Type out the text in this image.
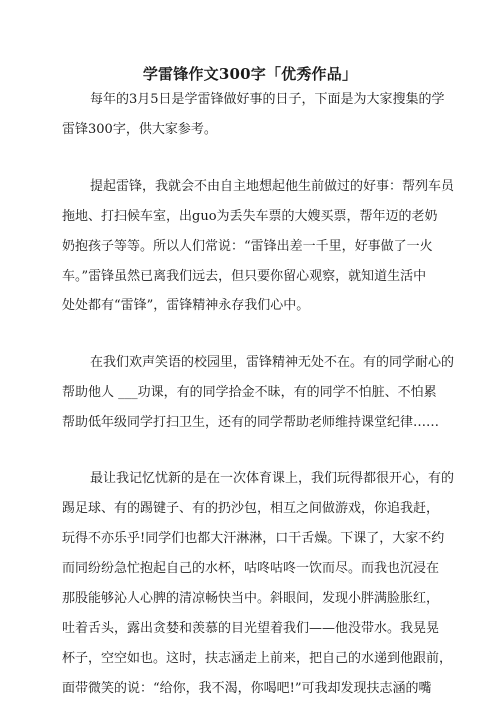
学雷锋作文300字「优秀作品」
每年的3月5日是学雷锋做好事的日子，下面是为大家搜集的学
雷锋300字，供大家参考。
提起雷锋，我就会不由自主地想起他生前做过的好事：帮列车员
拖地、打扫候车室，出guo为丢失车票的大嫂买票，帮年迈的老奶
奶抱孩子等等。所以人们常说：“雷锋出差一千里，好事做了一火
车。”雷锋虽然已离我们远去，但只要你留心观察，就知道生活中
处处都有“雷锋”，雷锋精神永存我们心中。
在我们欢声笑语的校园里，雷锋精神无处不在。有的同学耐心的
帮助他人 ___功课，有的同学拾金不昧，有的同学不怕脏、不怕累
帮助低年级同学打扫卫生，还有的同学帮助老师维持课堂纪律……
最让我记忆忧新的是在一次体育课上，我们玩得都很开心，有的
踢足球、有的踢键子、有的扔沙包，相互之间做游戏，你追我赶，
玩得不亦乐乎!同学们也都大汗淋淋，口干舌燥。下课了，大家不约
而同纷纷急忙抱起自己的水杯，咕咚咕咚一饮而尽。而我也沉浸在
那股能够沁人心脾的清凉畅快当中。斜眼间，发现小胖满脸胀红，
吐着舌头，露出贪婪和羡慕的目光望着我们——他没带水。我晃晃
杯子，空空如也。这时，扶志涵走上前来，把自己的水递到他跟前，
面带微笑的说：“给你，我不渴，你喝吧!”可我却发现扶志涵的嘴
